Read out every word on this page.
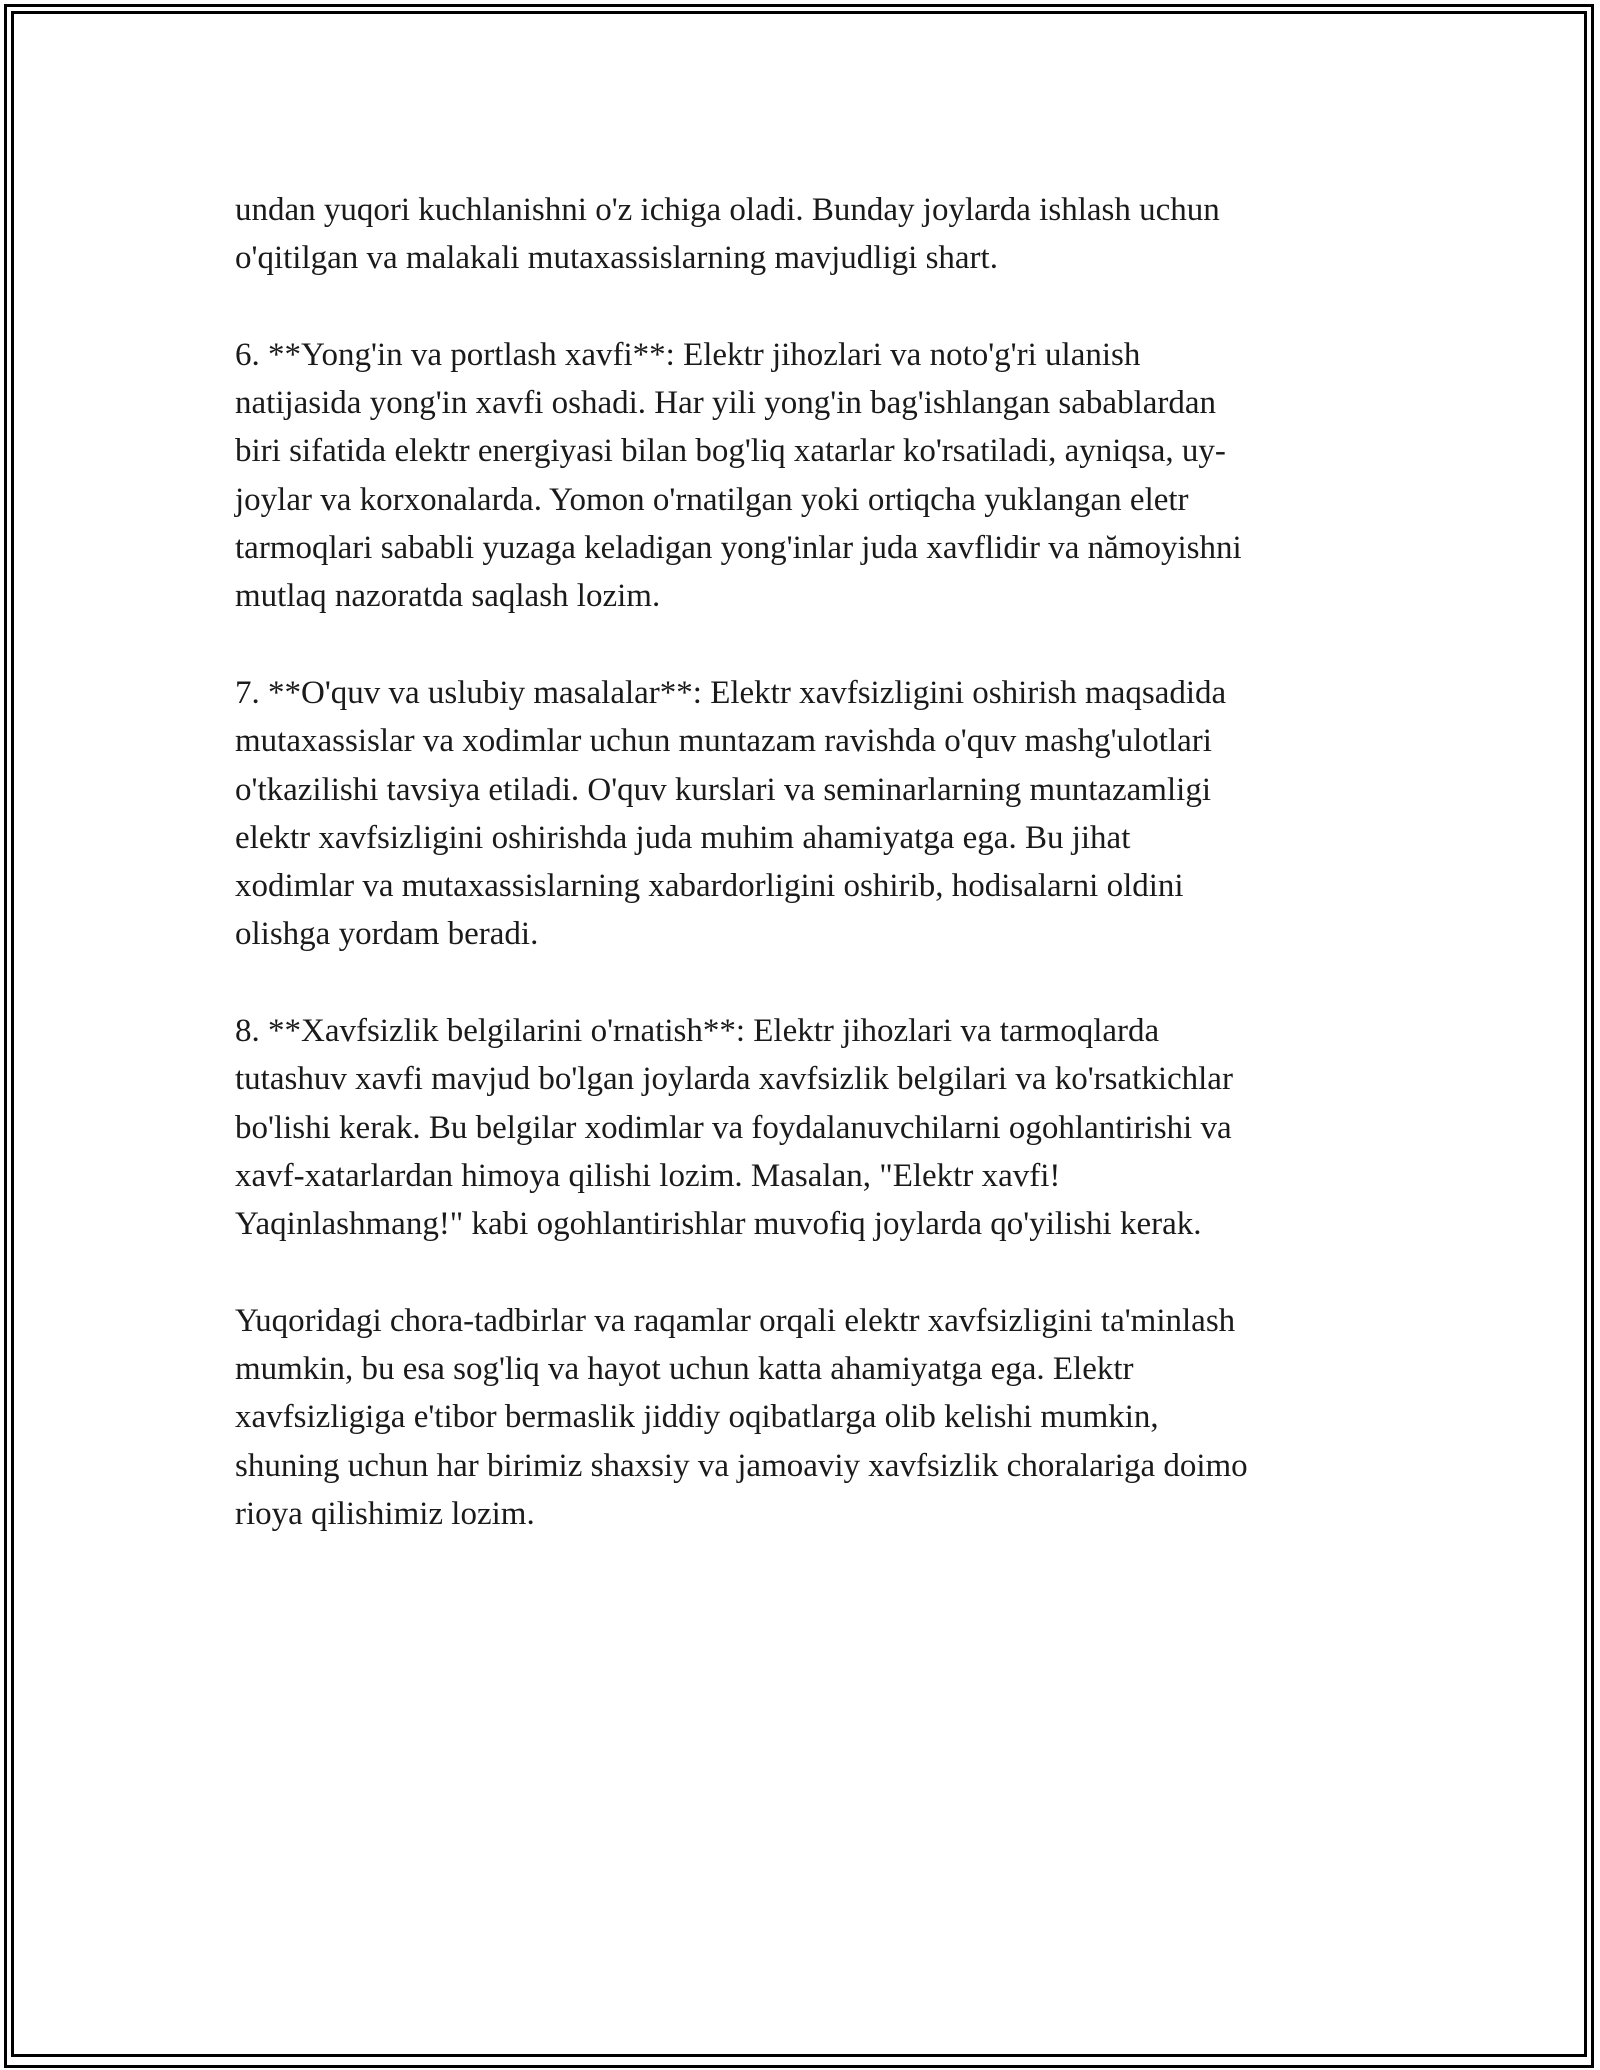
undan yuqori kuchlanishni o'z ichiga oladi. Bunday joylarda ishlash uchun
o'qitilgan va malakali mutaxassislarning mavjudligi shart.

6. **Yong'in va portlash xavfi**: Elektr jihozlari va noto'g'ri ulanish
natijasida yong'in xavfi oshadi. Har yili yong'in bag'ishlangan sabablardan
biri sifatida elektr energiyasi bilan bog'liq xatarlar ko'rsatiladi, ayniqsa, uy-
joylar va korxonalarda. Yomon o'rnatilgan yoki ortiqcha yuklangan eletr
tarmoqlari sababli yuzaga keladigan yong'inlar juda xavflidir va nămoyishni
mutlaq nazoratda saqlash lozim.

7. **O'quv va uslubiy masalalar**: Elektr xavfsizligini oshirish maqsadida
mutaxassislar va xodimlar uchun muntazam ravishda o'quv mashg'ulotlari
o'tkazilishi tavsiya etiladi. O'quv kurslari va seminarlarning muntazamligi
elektr xavfsizligini oshirishda juda muhim ahamiyatga ega. Bu jihat
xodimlar va mutaxassislarning xabardorligini oshirib, hodisalarni oldini
olishga yordam beradi.

8. **Xavfsizlik belgilarini o'rnatish**: Elektr jihozlari va tarmoqlarda
tutashuv xavfi mavjud bo'lgan joylarda xavfsizlik belgilari va ko'rsatkichlar
bo'lishi kerak. Bu belgilar xodimlar va foydalanuvchilarni ogohlantirishi va
xavf-xatarlardan himoya qilishi lozim. Masalan, "Elektr xavfi!
Yaqinlashmang!" kabi ogohlantirishlar muvofiq joylarda qo'yilishi kerak.

Yuqoridagi chora-tadbirlar va raqamlar orqali elektr xavfsizligini ta'minlash
mumkin, bu esa sog'liq va hayot uchun katta ahamiyatga ega. Elektr
xavfsizligiga e'tibor bermaslik jiddiy oqibatlarga olib kelishi mumkin,
shuning uchun har birimiz shaxsiy va jamoaviy xavfsizlik choralariga doimo
rioya qilishimiz lozim.
